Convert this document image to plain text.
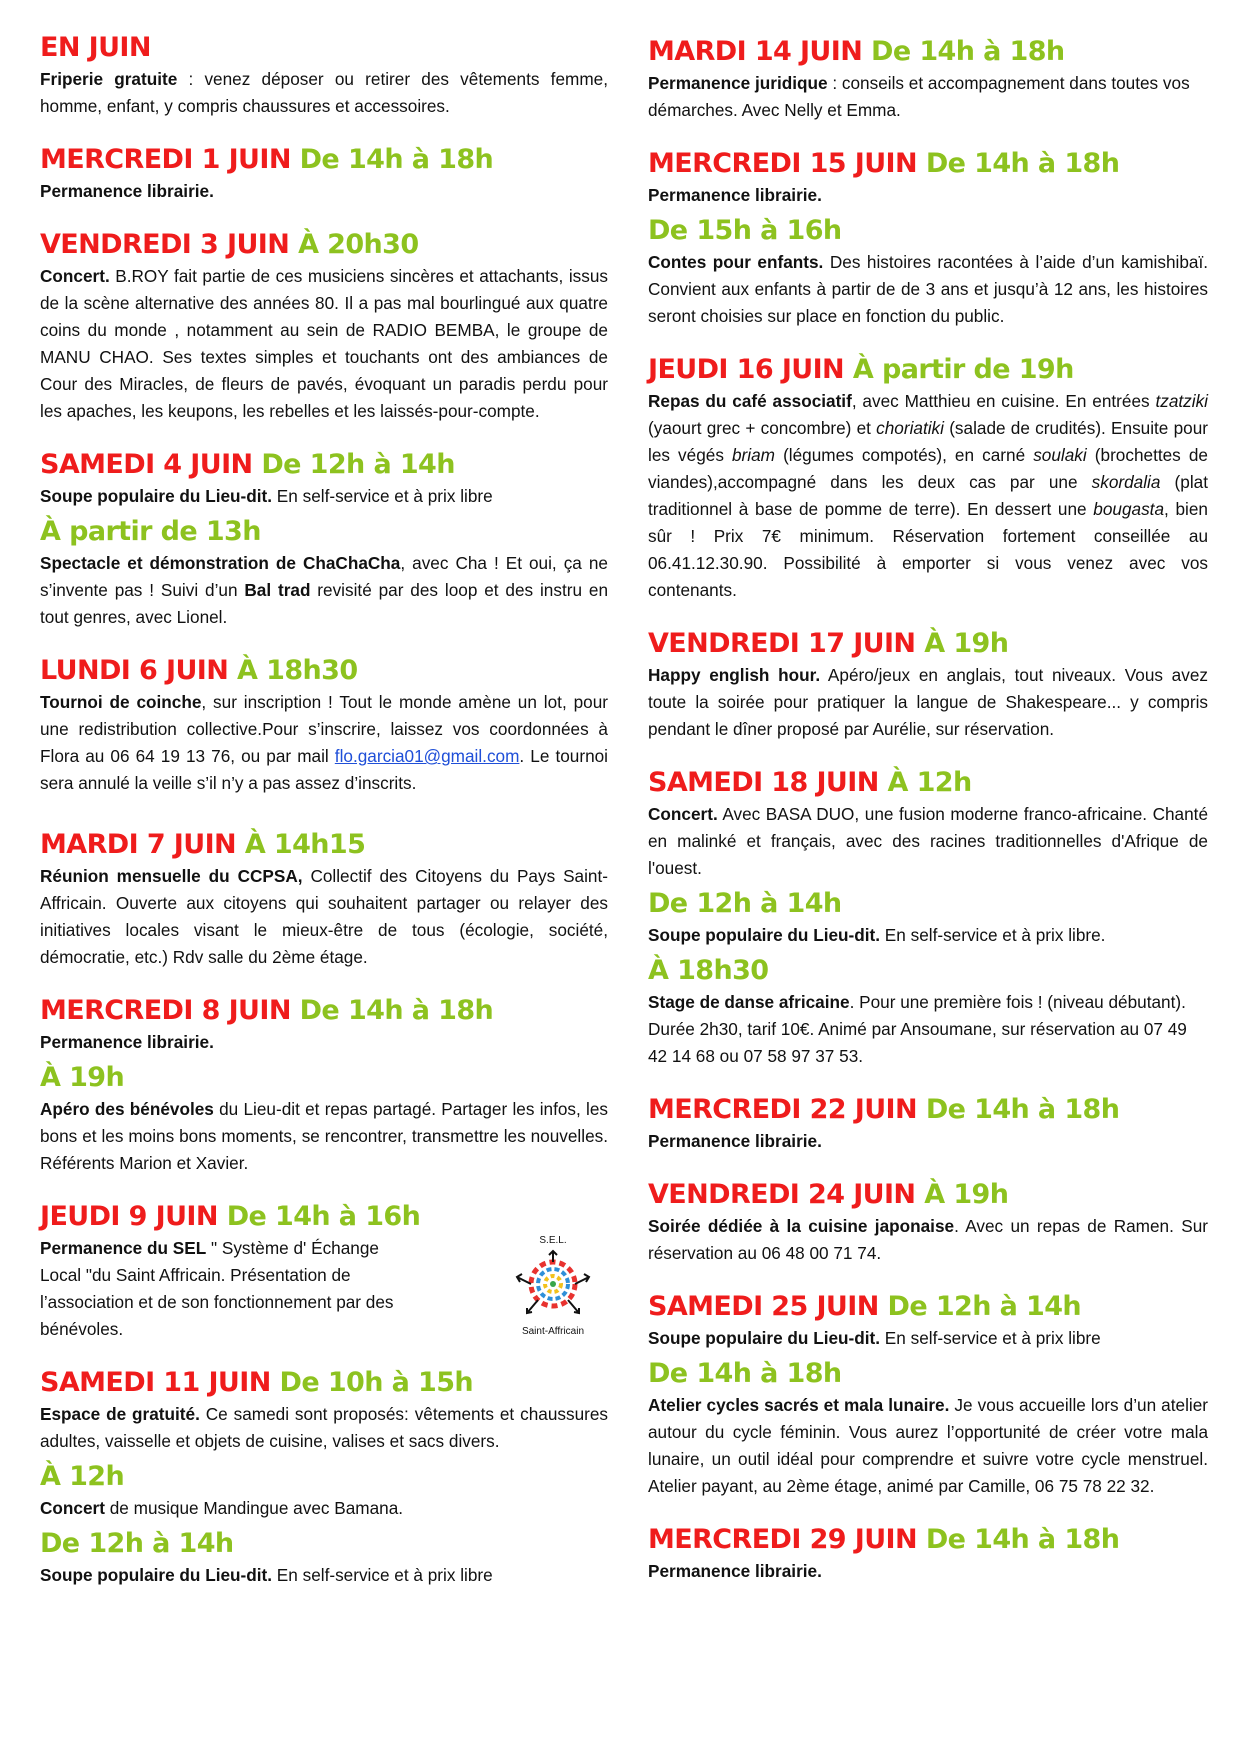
EN JUIN

Friperie gratuite : venez déposer ou retirer des vêtements femme, homme, enfant, y compris chaussures et accessoires.

MERCREDI 1 JUIN De 14h à 18h

Permanence librairie.

VENDREDI 3 JUIN À 20h30

Concert. B.ROY fait partie de ces musiciens sincères et attachants, issus de la scène alternative des années 80. Il a pas mal bourlingué aux quatre coins du monde , notamment au sein de RADIO BEMBA, le groupe de MANU CHAO. Ses textes simples et touchants ont des ambiances de Cour des Miracles, de fleurs de pavés, évoquant un paradis perdu pour les apaches, les keupons, les rebelles et les laissés-pour-compte.

SAMEDI 4 JUIN De 12h à 14h

Soupe populaire du Lieu-dit. En self-service et à prix libre

À partir de 13h

Spectacle et démonstration de ChaChaCha, avec Cha ! Et oui, ça ne s’invente pas ! Suivi d’un Bal trad revisité par des loop et des instru en tout genres, avec Lionel.

LUNDI 6 JUIN À 18h30

Tournoi de coinche, sur inscription ! Tout le monde amène un lot, pour une redistribution collective.Pour s’inscrire, laissez vos coordonnées à Flora au 06 64 19 13 76, ou par mail flo.garcia01@gmail.com. Le tournoi sera annulé la veille s’il n’y a pas assez d’inscrits.

MARDI 7 JUIN À 14h15

Réunion mensuelle du CCPSA, Collectif des Citoyens du Pays Saint-Affricain. Ouverte aux citoyens qui souhaitent partager ou relayer des initiatives locales visant le mieux-être de tous (écologie, société, démocratie, etc.) Rdv salle du 2ème étage.

MERCREDI 8 JUIN De 14h à 18h

Permanence librairie.

À 19h

Apéro des bénévoles du Lieu-dit et repas partagé. Partager les infos, les bons et les moins bons moments, se rencontrer, transmettre les nouvelles. Référents Marion et Xavier.

JEUDI 9 JUIN De 14h à 16h

Permanence du SEL " Système d' Échange Local "du Saint Affricain. Présentation de l’association et de son fonctionnement par des bénévoles.

S.E.L.
Saint-Affricain
SAMEDI 11 JUIN De 10h à 15h

Espace de gratuité. Ce samedi sont proposés: vêtements et chaussures adultes, vaisselle et objets de cuisine, valises et sacs divers.

À 12h

Concert de musique Mandingue avec Bamana.

De 12h à 14h

Soupe populaire du Lieu-dit. En self-service et à prix libre

MARDI 14 JUIN De 14h à 18h

Permanence juridique : conseils et accompagnement dans toutes vos démarches. Avec Nelly et Emma.

MERCREDI 15 JUIN De 14h à 18h

Permanence librairie.

De 15h à 16h

Contes pour enfants. Des histoires racontées à l’aide d’un kamishibaï. Convient aux enfants à partir de de 3 ans et jusqu’à 12 ans, les histoires seront choisies sur place en fonction du public.

JEUDI 16 JUIN À partir de 19h

Repas du café associatif, avec Matthieu en cuisine. En entrées tzatziki (yaourt grec + concombre) et choriatiki (salade de crudités). Ensuite pour les végés briam (légumes compotés), en carné soulaki (brochettes de viandes),accompagné dans les deux cas par une skordalia (plat traditionnel à base de pomme de terre). En dessert une bougasta, bien sûr ! Prix 7€ minimum. Réservation fortement conseillée au 06.41.12.30.90. Possibilité à emporter si vous venez avec vos contenants.

VENDREDI 17 JUIN À 19h

Happy english hour. Apéro/jeux en anglais, tout niveaux. Vous avez toute la soirée pour pratiquer la langue de Shakespeare... y compris pendant le dîner proposé par Aurélie, sur réservation.

SAMEDI 18 JUIN À 12h

Concert. Avec BASA DUO, une fusion moderne franco-africaine. Chanté en malinké et français, avec des racines traditionnelles d'Afrique de l'ouest.

De 12h à 14h

Soupe populaire du Lieu-dit. En self-service et à prix libre.

À 18h30

Stage de danse africaine. Pour une première fois ! (niveau débutant). Durée 2h30, tarif 10€. Animé par Ansoumane, sur réservation au 07 49 42 14 68 ou 07 58 97 37 53.

MERCREDI 22 JUIN De 14h à 18h

Permanence librairie.

VENDREDI 24 JUIN À 19h

Soirée dédiée à la cuisine japonaise. Avec un repas de Ramen. Sur réservation au 06 48 00 71 74.

SAMEDI 25 JUIN De 12h à 14h

Soupe populaire du Lieu-dit. En self-service et à prix libre

De 14h à 18h

Atelier cycles sacrés et mala lunaire. Je vous accueille lors d’un atelier autour du cycle féminin. Vous aurez l’opportunité de créer votre mala lunaire, un outil idéal pour comprendre et suivre votre cycle menstruel. Atelier payant, au 2ème étage, animé par Camille, 06 75 78 22 32.

MERCREDI 29 JUIN De 14h à 18h

Permanence librairie.
